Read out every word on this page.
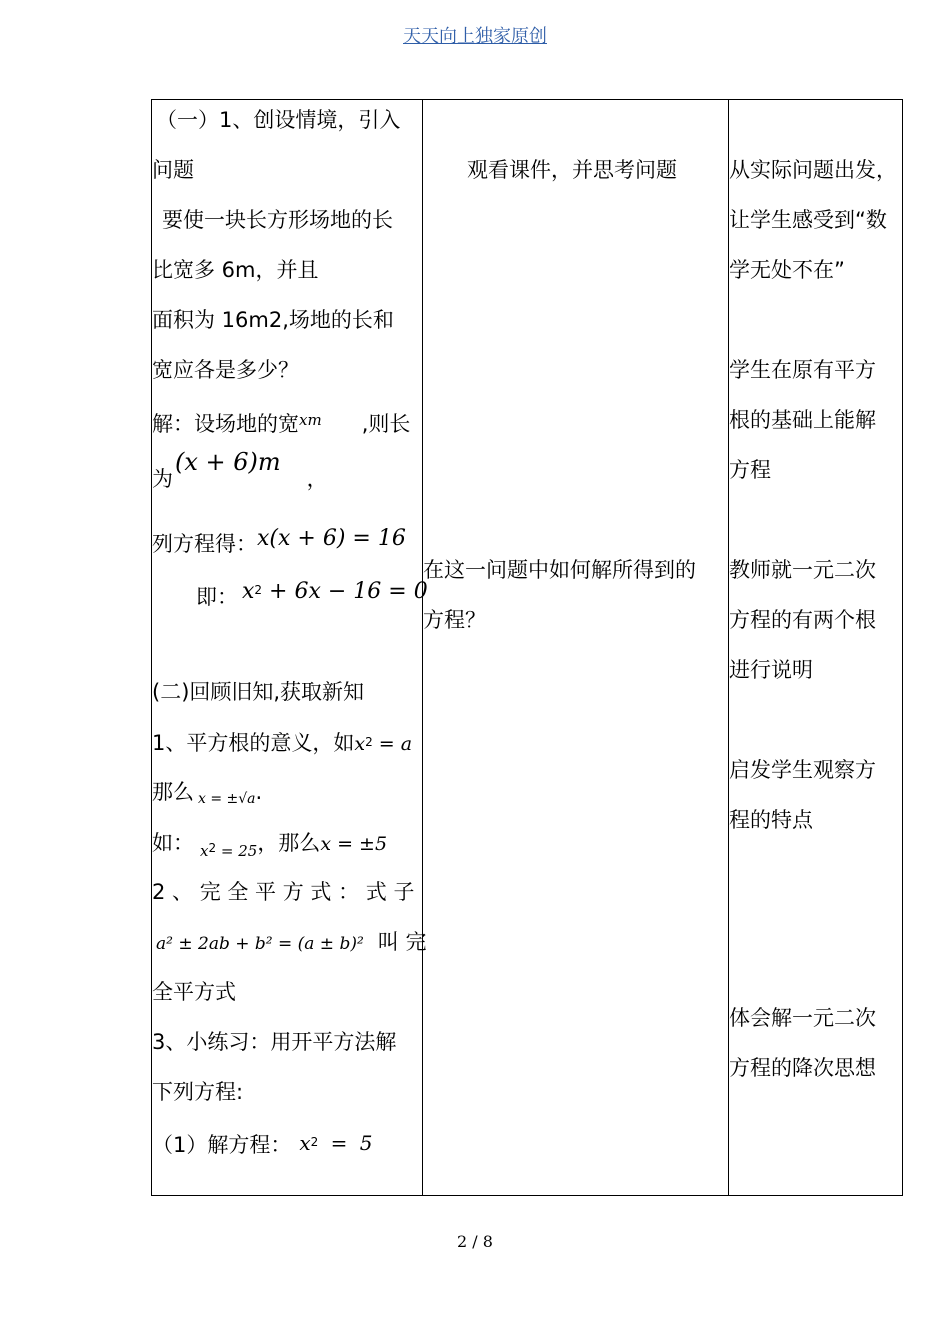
天天向上独家原创
（一）1、创设情境，引入
问题
要使一块长方形场地的长
比宽多 6m，并且
面积为 16m2,场地的长和
宽应各是多少？
解：设场地的宽$^{xm}$ ,则长
为(x + 6)m，
列方程得：x(x + 6) = 16
即： $x^2 + 6x - 16 = 0$
(二)回顾旧知,获取新知
1、平方根的意义，如$x^2 = a$
那么 x = ±√a.
如： $_x^2$ $_{= 25}$，那么x = ±5
2 、 完 全 平 方 式 ： 式 子
a² ± 2ab + b² = (a ± b)² 叫 完
全平方式
3、小练习：用开平方法解
下列方程:
（1）解方程： $x^2 = 5$

观看课件，并思考问题
在这一问题中如何解所得到的
方程？

从实际问题出发，
让学生感受到“数
学无处不在”
学生在原有平方
根的基础上能解
方程
教师就一元二次
方程的有两个根
进行说明
启发学生观察方
程的特点
体会解一元二次
方程的降次思想
2 / 8
